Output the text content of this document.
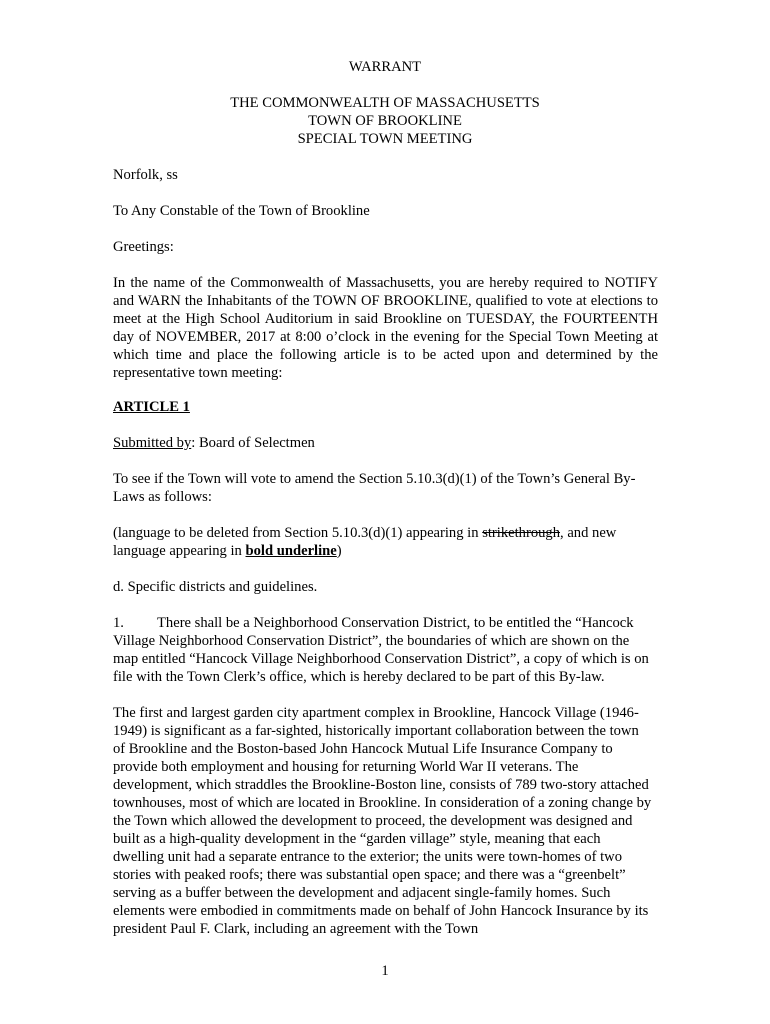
WARRANT
THE COMMONWEALTH OF MASSACHUSETTS
TOWN OF BROOKLINE
SPECIAL TOWN MEETING
Norfolk, ss
To Any Constable of the Town of Brookline
Greetings:
In the name of the Commonwealth of Massachusetts, you are hereby required to NOTIFY and WARN the Inhabitants of the TOWN OF BROOKLINE, qualified to vote at elections to meet at the High School Auditorium in said Brookline on TUESDAY, the FOURTEENTH day of NOVEMBER, 2017 at 8:00 o’clock in the evening for the Special Town Meeting at which time and place the following article is to be acted upon and determined by the representative town meeting:
ARTICLE 1
Submitted by: Board of Selectmen
To see if the Town will vote to amend the Section 5.10.3(d)(1) of the Town’s General By-Laws as follows:
(language to be deleted from Section 5.10.3(d)(1) appearing in strikethrough, and new language appearing in bold underline)
d. Specific districts and guidelines.
1. There shall be a Neighborhood Conservation District, to be entitled the “Hancock Village Neighborhood Conservation District”, the boundaries of which are shown on the map entitled “Hancock Village Neighborhood Conservation District”, a copy of which is on file with the Town Clerk’s office, which is hereby declared to be part of this By-law.
The first and largest garden city apartment complex in Brookline, Hancock Village (1946-1949) is significant as a far-sighted, historically important collaboration between the town of Brookline and the Boston-based John Hancock Mutual Life Insurance Company to provide both employment and housing for returning World War II veterans. The development, which straddles the Brookline-Boston line, consists of 789 two-story attached townhouses, most of which are located in Brookline. In consideration of a zoning change by the Town which allowed the development to proceed, the development was designed and built as a high-quality development in the “garden village” style, meaning that each dwelling unit had a separate entrance to the exterior; the units were town-homes of two stories with peaked roofs; there was substantial open space; and there was a “greenbelt” serving as a buffer between the development and adjacent single-family homes. Such elements were embodied in commitments made on behalf of John Hancock Insurance by its president Paul F. Clark, including an agreement with the Town
1
